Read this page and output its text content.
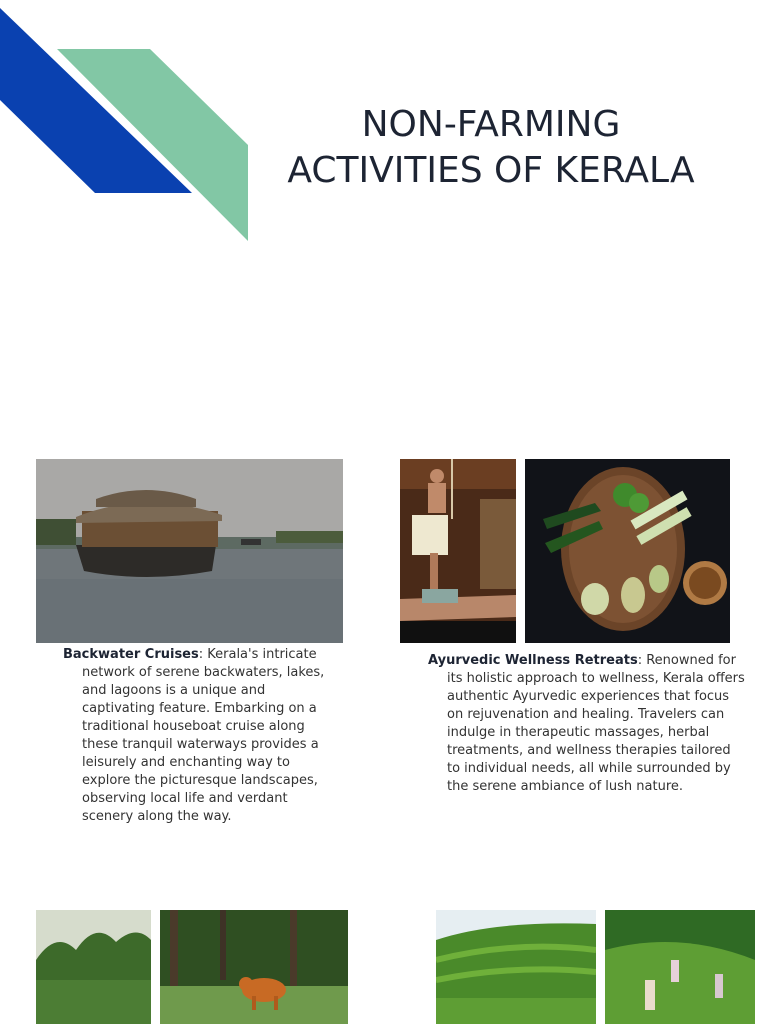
NON-FARMING
ACTIVITIES OF KERALA

Backwater Cruises: Kerala's intricate network of serene backwaters, lakes, and lagoons is a unique and captivating feature. Embarking on a traditional houseboat cruise along these tranquil waterways provides a leisurely and enchanting way to explore the picturesque landscapes, observing local life and verdant scenery along the way.

Ayurvedic Wellness Retreats: Renowned for its holistic approach to wellness, Kerala offers authentic Ayurvedic experiences that focus on rejuvenation and healing. Travelers can indulge in therapeutic massages, herbal treatments, and wellness therapies tailored to individual needs, all while surrounded by the serene ambiance of lush nature.
